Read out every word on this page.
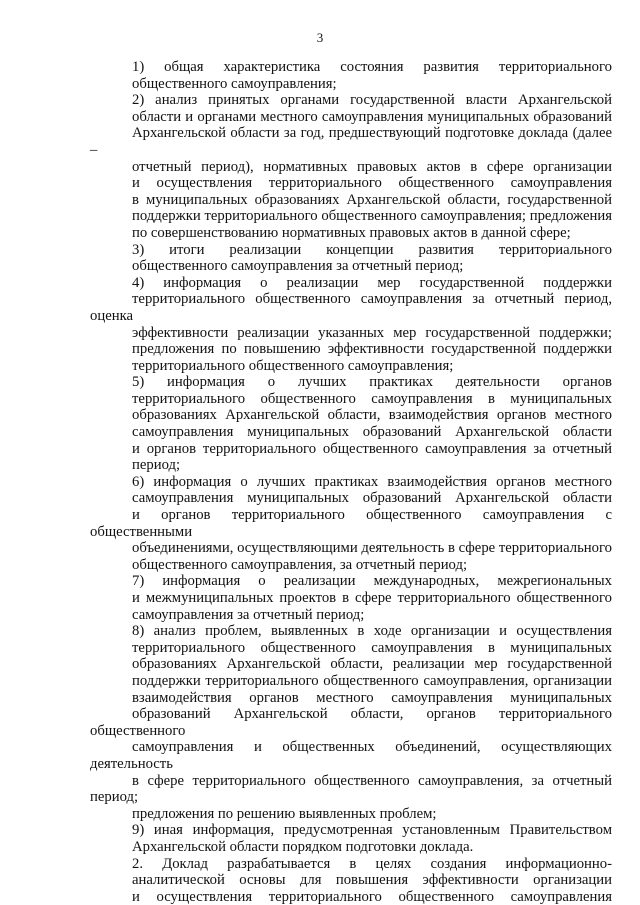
3
1) общая характеристика состояния развития территориального
общественного самоуправления;
2) анализ принятых органами государственной власти Архангельской
области и органами местного самоуправления муниципальных образований
Архангельской области за год, предшествующий подготовке доклада (далее –
отчетный период), нормативных правовых актов в сфере организации
и осуществления территориального общественного самоуправления
в муниципальных образованиях Архангельской области, государственной
поддержки территориального общественного самоуправления; предложения
по совершенствованию нормативных правовых актов в данной сфере;
3) итоги реализации концепции развития территориального
общественного самоуправления за отчетный период;
4) информация о реализации мер государственной поддержки
территориального общественного самоуправления за отчетный период, оценка
эффективности реализации указанных мер государственной поддержки;
предложения по повышению эффективности государственной поддержки
территориального общественного самоуправления;
5) информация о лучших практиках деятельности органов
территориального общественного самоуправления в муниципальных
образованиях Архангельской области, взаимодействия органов местного
самоуправления муниципальных образований Архангельской области
и органов территориального общественного самоуправления за отчетный
период;
6) информация о лучших практиках взаимодействия органов местного
самоуправления муниципальных образований Архангельской области
и органов территориального общественного самоуправления с общественными
объединениями, осуществляющими деятельность в сфере территориального
общественного самоуправления, за отчетный период;
7) информация о реализации международных, межрегиональных
и межмуниципальных проектов в сфере территориального общественного
самоуправления за отчетный период;
8) анализ проблем, выявленных в ходе организации и осуществления
территориального общественного самоуправления в муниципальных
образованиях Архангельской области, реализации мер государственной
поддержки территориального общественного самоуправления, организации
взаимодействия органов местного самоуправления муниципальных
образований Архангельской области, органов территориального общественного
самоуправления и общественных объединений, осуществляющих деятельность
в сфере территориального общественного самоуправления, за отчетный период;
предложения по решению выявленных проблем;
9) иная информация, предусмотренная установленным Правительством
Архангельской области порядком подготовки доклада.
2. Доклад разрабатывается в целях создания информационно-
аналитической основы для повышения эффективности организации
и осуществления территориального общественного самоуправления
